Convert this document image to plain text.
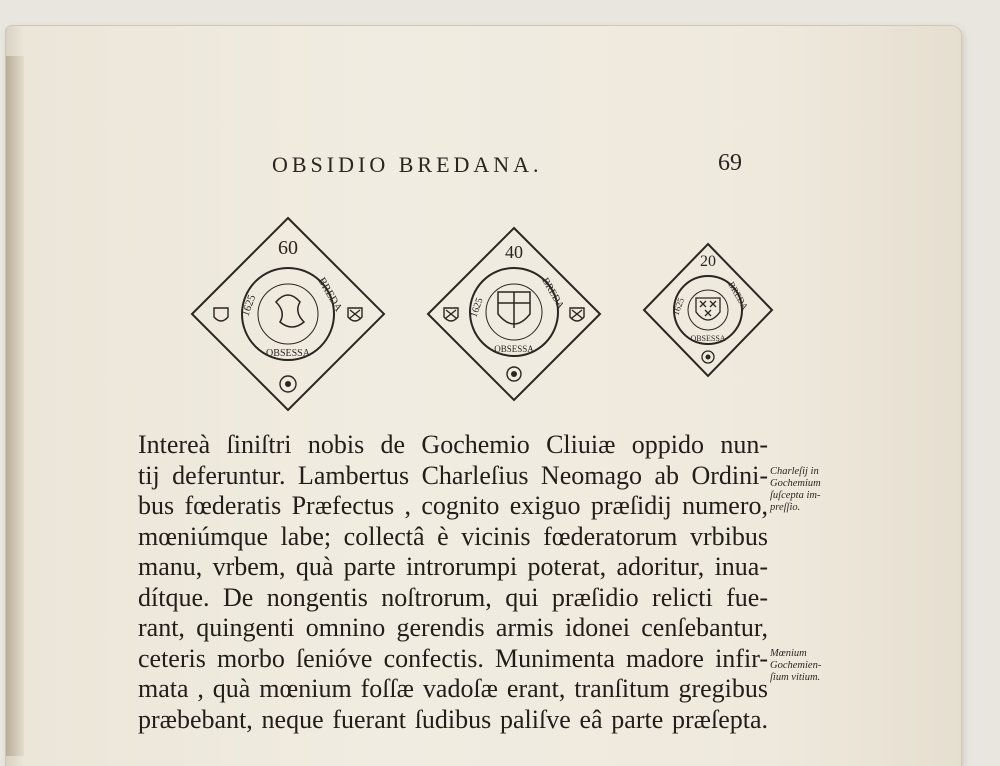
OBSIDIO BREDANA.	69
60
1625	BREDA
OBSESSA
40
1625	BREDA
OBSESSA
20
1625	BREDA
OBSESSA
Intereà ſiniſtri nobis de Gochemio Cliuiæ oppido nun-
tij deferuntur. Lambertus Charleſius Neomago ab Ordini-
bus fœderatis Præfectus , cognito exiguo præſidij numero,
mœniúmque labe; collectâ è vicinis fœderatorum vrbibus
manu, vrbem, quà parte introrumpi poterat, adoritur, inua-
dítque. De nongentis noſtrorum, qui præſidio relicti fue-
rant, quingenti omnino gerendis armis idonei cenſebantur,
ceteris morbo ſenióve confectis. Munimenta madore infir-
mata , quà mœnium foſſæ vadoſæ erant, tranſitum gregibus
præbebant, neque fuerant ſudibus paliſve eâ parte præſepta.
Charleſij in
Gochemium
ſuſcepta im-
preſſio.
Mœnium
Gochemien-
ſium vitium.
